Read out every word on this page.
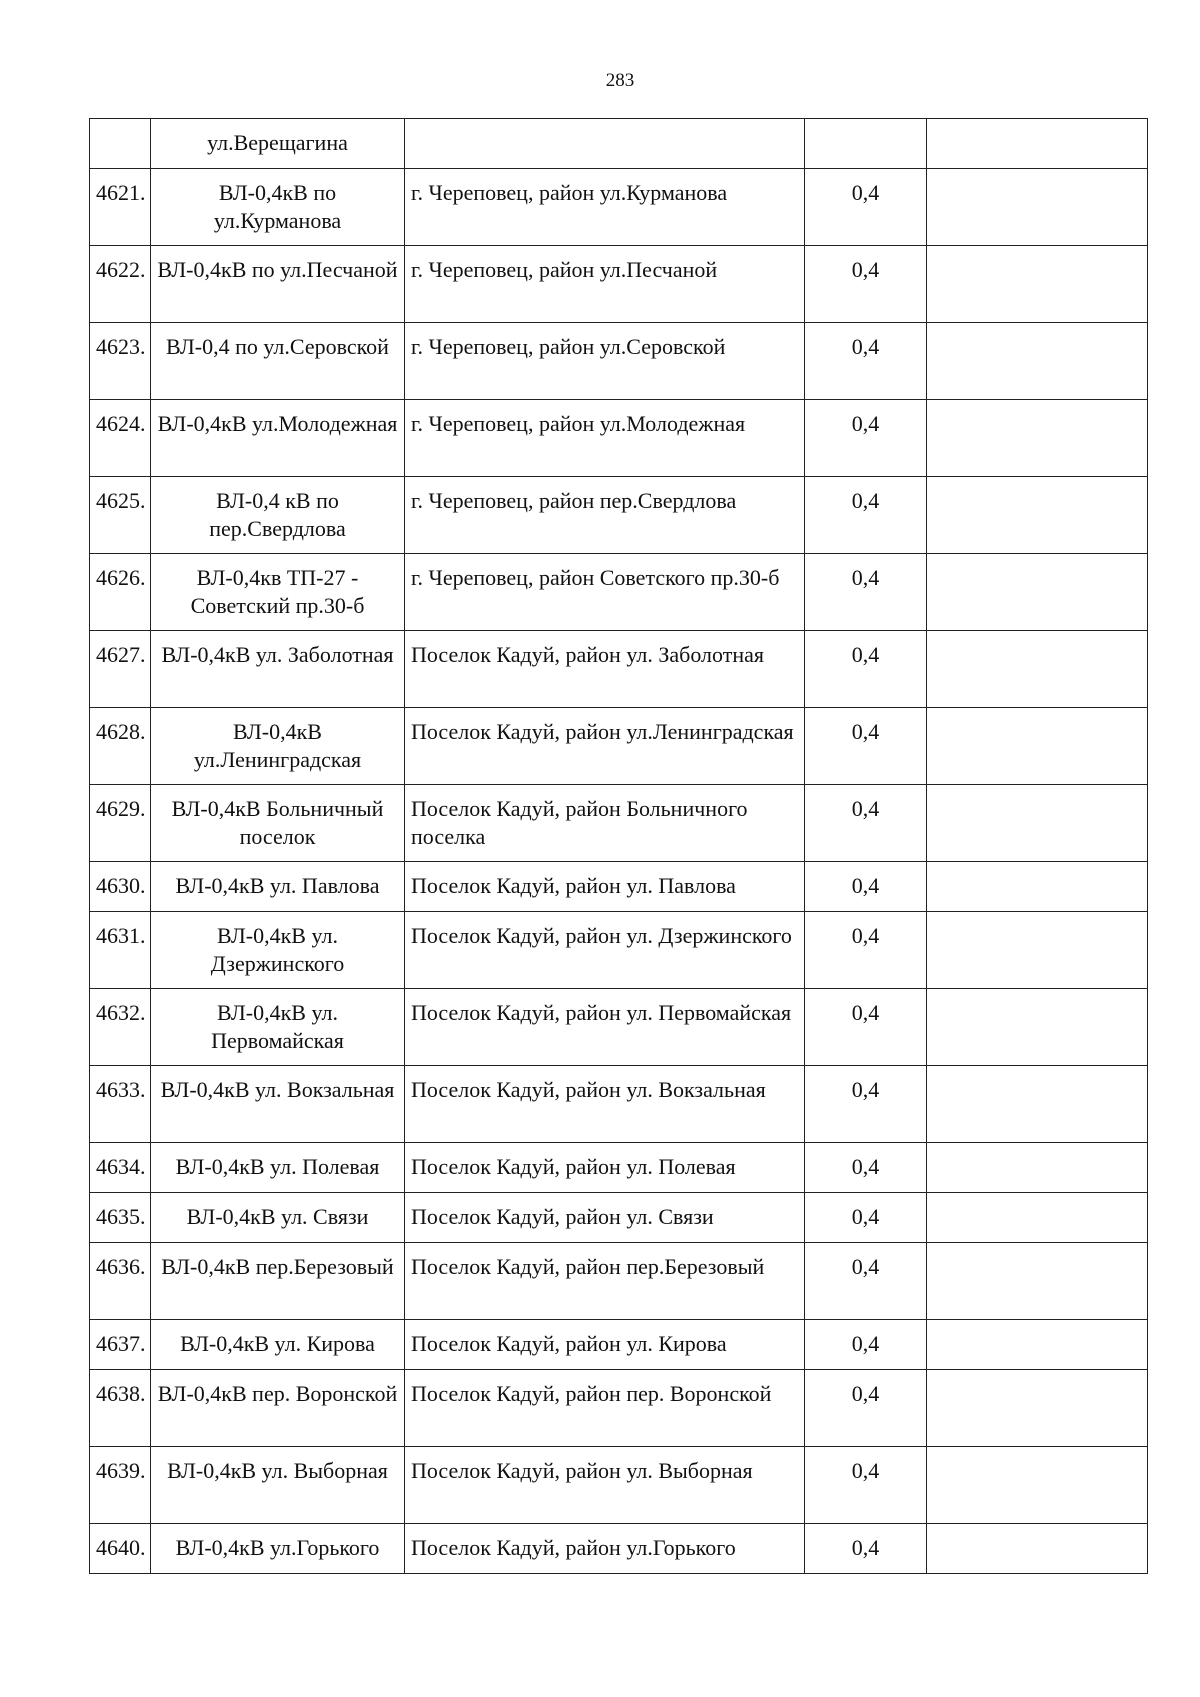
283
	ул.Верещагина			
4621.	ВЛ-0,4кВ по ул.Курманова	г. Череповец, район ул.Курманова	0,4	
4622.	ВЛ-0,4кВ по ул.Песчаной	г. Череповец, район ул.Песчаной	0,4	
4623.	ВЛ-0,4 по ул.Серовской	г. Череповец, район ул.Серовской	0,4	
4624.	ВЛ-0,4кВ ул.Молодежная	г. Череповец, район ул.Молодежная	0,4	
4625.	ВЛ-0,4 кВ по пер.Свердлова	г. Череповец, район пер.Свердлова	0,4	
4626.	ВЛ-0,4кв ТП-27 - Советский пр.30-б	г. Череповец, район Советского пр.30-б	0,4	
4627.	ВЛ-0,4кВ ул. Заболотная	Поселок Кадуй, район ул. Заболотная	0,4	
4628.	ВЛ-0,4кВ ул.Ленинградская	Поселок Кадуй, район ул.Ленинградская	0,4	
4629.	ВЛ-0,4кВ Больничный поселок	Поселок Кадуй, район Больничного поселка	0,4	
4630.	ВЛ-0,4кВ ул. Павлова	Поселок Кадуй, район ул. Павлова	0,4	
4631.	ВЛ-0,4кВ ул. Дзержинского	Поселок Кадуй, район ул. Дзержинского	0,4	
4632.	ВЛ-0,4кВ ул. Первомайская	Поселок Кадуй, район ул. Первомайская	0,4	
4633.	ВЛ-0,4кВ ул. Вокзальная	Поселок Кадуй, район ул. Вокзальная	0,4	
4634.	ВЛ-0,4кВ ул. Полевая	Поселок Кадуй, район ул. Полевая	0,4	
4635.	ВЛ-0,4кВ ул. Связи	Поселок Кадуй, район ул. Связи	0,4	
4636.	ВЛ-0,4кВ пер.Березовый	Поселок Кадуй, район пер.Березовый	0,4	
4637.	ВЛ-0,4кВ ул. Кирова	Поселок Кадуй, район ул. Кирова	0,4	
4638.	ВЛ-0,4кВ пер. Воронской	Поселок Кадуй, район пер. Воронской	0,4	
4639.	ВЛ-0,4кВ ул. Выборная	Поселок Кадуй, район ул. Выборная	0,4	
4640.	ВЛ-0,4кВ ул.Горького	Поселок Кадуй, район ул.Горького	0,4	
